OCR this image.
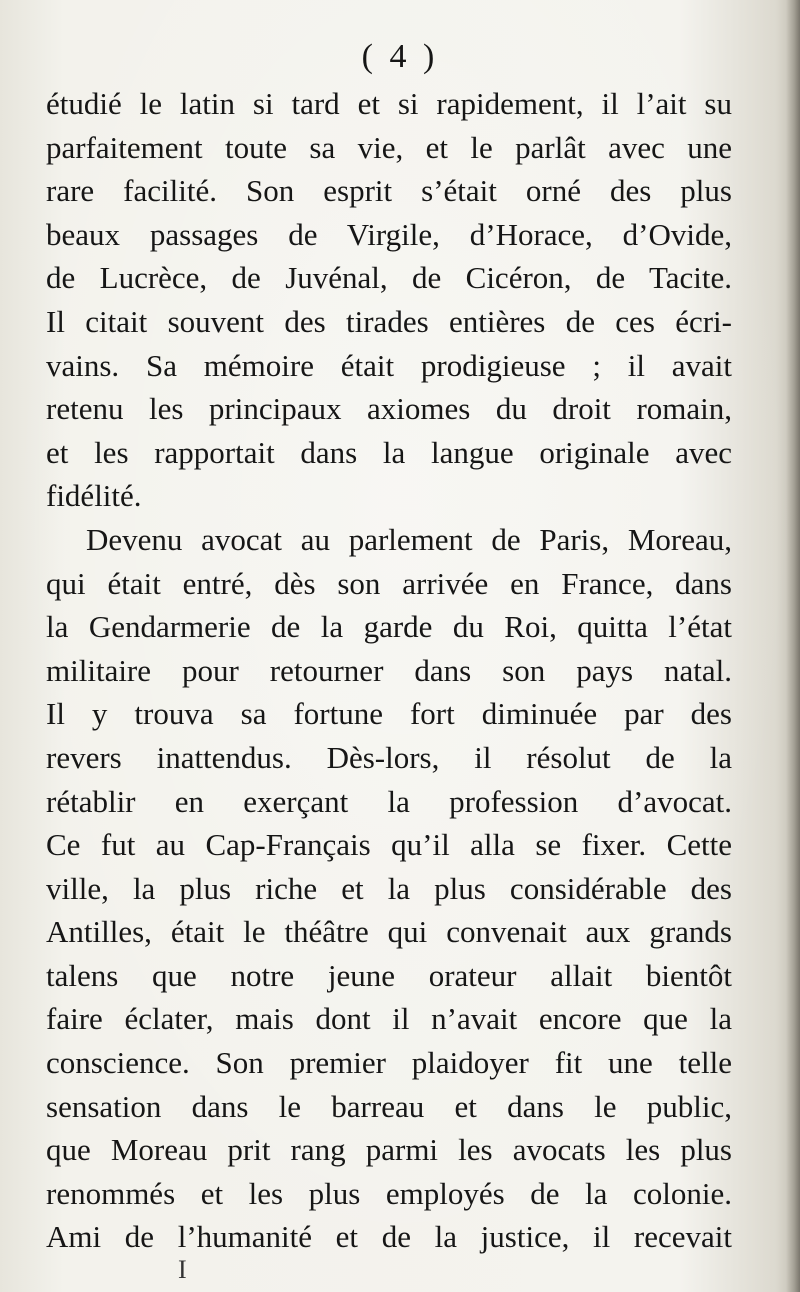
( 4 )
étudié le latin si tard et si rapidement, il l’ait su
parfaitement toute sa vie, et le parlât avec une
rare facilité. Son esprit s’était orné des plus
beaux passages de Virgile, d’Horace, d’Ovide,
de Lucrèce, de Juvénal, de Cicéron, de Tacite.
Il citait souvent des tirades entières de ces écri-
vains. Sa mémoire était prodigieuse ; il avait
retenu les principaux axiomes du droit romain,
et les rapportait dans la langue originale avec
fidélité.
Devenu avocat au parlement de Paris, Moreau,
qui était entré, dès son arrivée en France, dans
la Gendarmerie de la garde du Roi, quitta l’état
militaire pour retourner dans son pays natal.
Il y trouva sa fortune fort diminuée par des
revers inattendus. Dès-lors, il résolut de la
rétablir en exerçant la profession d’avocat.
Ce fut au Cap-Français qu’il alla se fixer. Cette
ville, la plus riche et la plus considérable des
Antilles, était le théâtre qui convenait aux grands
talens que notre jeune orateur allait bientôt
faire éclater, mais dont il n’avait encore que la
conscience. Son premier plaidoyer fit une telle
sensation dans le barreau et dans le public,
que Moreau prit rang parmi les avocats les plus
renommés et les plus employés de la colonie.
Ami de l’humanité et de la justice, il recevait
I
